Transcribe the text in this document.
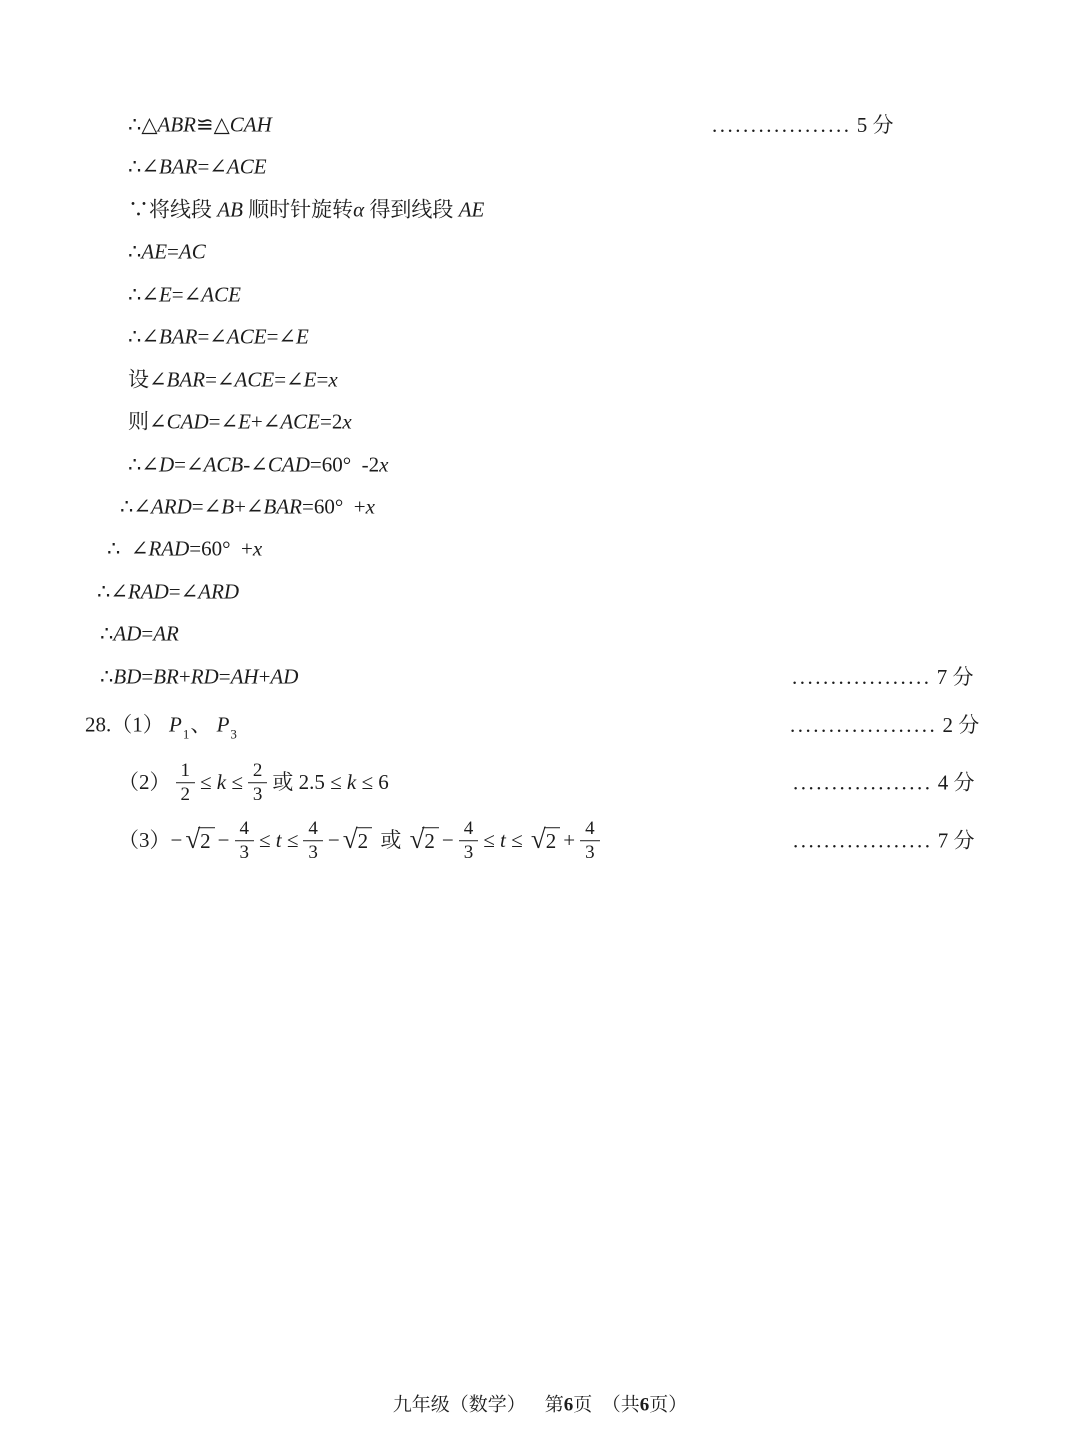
九年级（数学）    第6页  （共6页）
∴△ ABR ≌△ CAH	.................. 5 分
∴∠ BAR =∠ ACE
∵将线段 AB 顺时针旋转 α 得到线段 AE
∴ AE = AC
∴∠ E =∠ ACE
∴∠ BAR =∠ ACE =∠ E
设∠ BAR =∠ ACE =∠ E = x
则∠ CAD =∠ E +∠ ACE =2 x
∴∠ D =∠ ACB -∠ CAD =60°  -2 x
∴∠ ARD =∠ B +∠ BAR =60°  + x
∴  ∠ RAD =60°  + x
∴∠ RAD =∠ ARD
∴ AD = AR
∴ BD = BR + RD = AH + AD	.................. 7 分
28.（1） $P_1$ 、 $P_3$	................... 2 分
$(2) \frac{1}{2} \le k \le \frac{2}{3}$ 或 2.5 ≤ k ≤ 6	.................. 4 分
（3） − √ $2 - \frac{4}{3} \le t \le \frac{4}{3}$ − √ 2 或 √ $2 - \frac{4}{3} \le t$ ≤ √ $2 + \frac{4}{3}$	.................. 7 分
